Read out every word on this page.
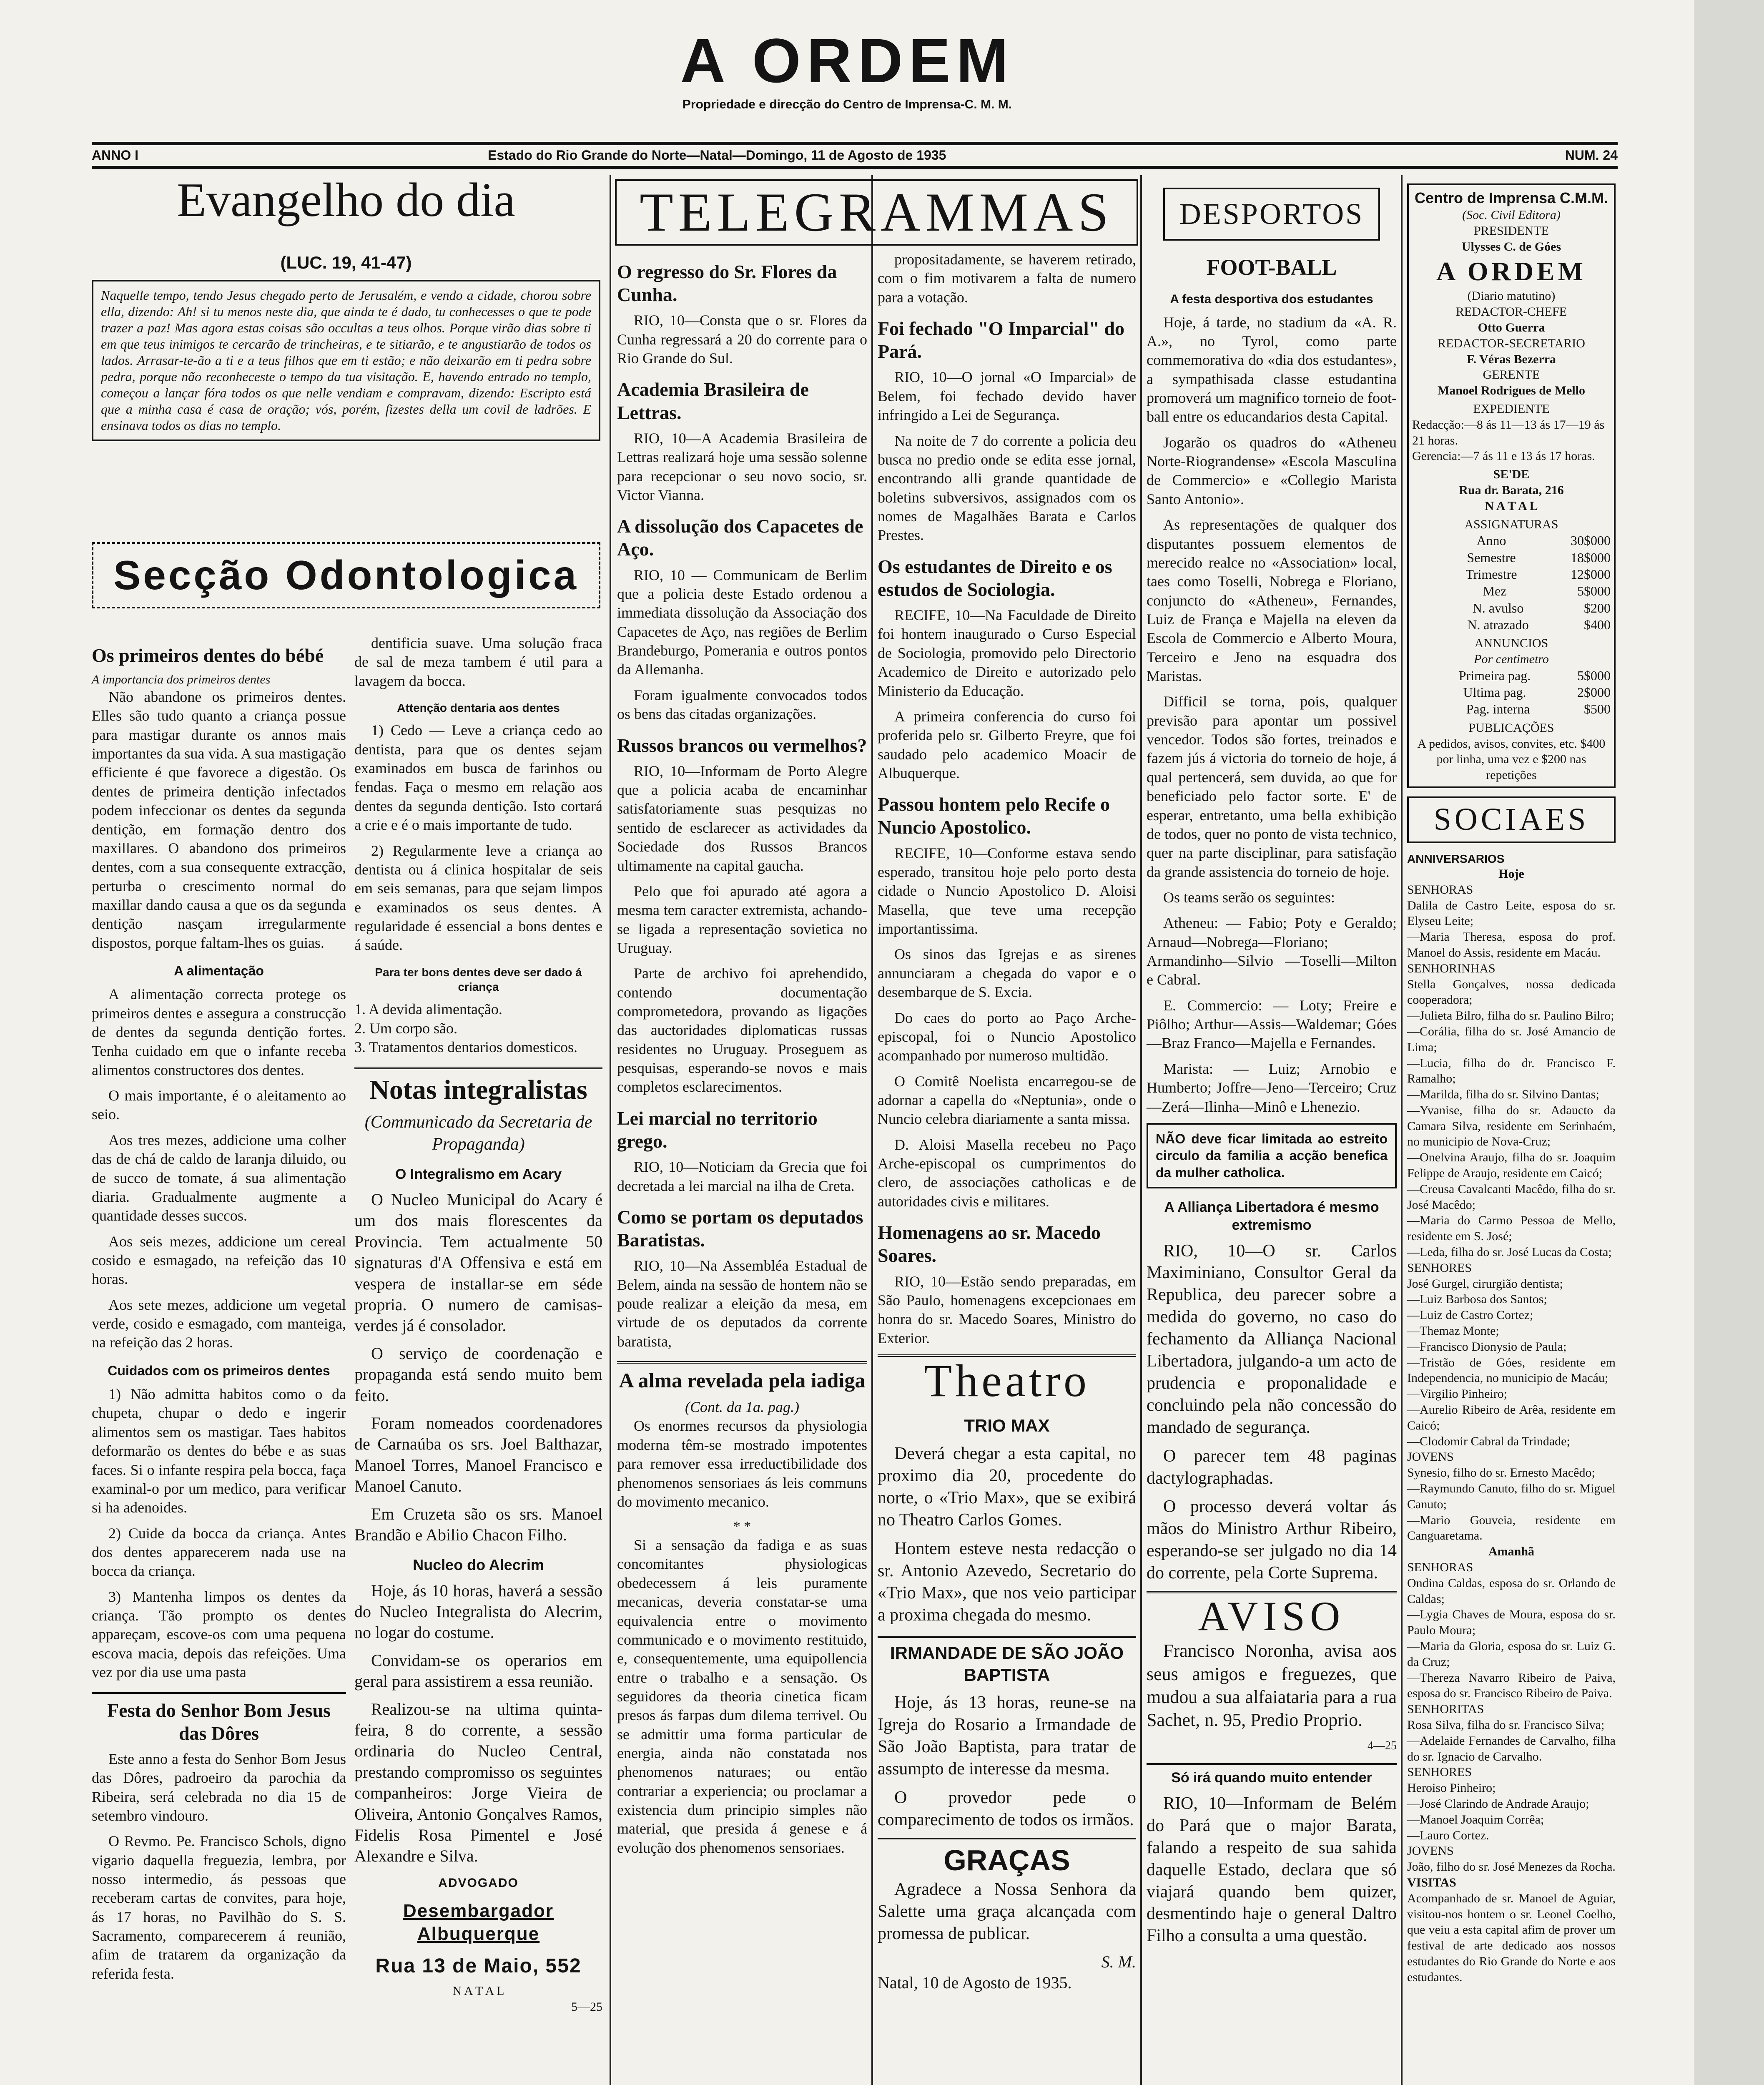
A ORDEM
Propriedade e direcção do Centro de Imprensa-C. M. M.
ANNO I	Estado do Rio Grande do Norte—Natal—Domingo, 11 de Agosto de 1935	NUM. 24
Evangelho do dia
(LUC. 19, 41-47)
Naquelle tempo, tendo Jesus chegado perto de Jerusalém, e vendo a cidade, chorou sobre ella, dizendo: Ah! si tu menos neste dia, que ainda te é dado, tu conhecesses o que te pode trazer a paz! Mas agora estas coisas são occultas a teus olhos. Porque virão dias sobre ti em que teus inimigos te cercarão de trincheiras, e te sitiarão, e te angustiarão de todos os lados. Arrasar-te-ão a ti e a teus filhos que em ti estão; e não deixarão em ti pedra sobre pedra, porque não reconheceste o tempo da tua visitação. E, havendo entrado no templo, começou a lançar fóra todos os que nelle vendiam e compravam, dizendo: Escripto está que a minha casa é casa de oração; vós, porém, fizestes della um covil de ladrões. E ensinava todos os dias no templo.
Secção Odontologica
Os primeiros dentes do bébé
A importancia dos primeiros dentes

Não abandone os primeiros dentes. Elles são tudo quanto a criança possue para mastigar durante os annos mais importantes da sua vida. A sua mastigação efficiente é que favorece a digestão. Os dentes de primeira dentição infectados podem infeccionar os dentes da segunda dentição, em formação dentro dos maxillares. O abandono dos primeiros dentes, com a sua consequente extracção, perturba o crescimento normal do maxillar dando causa a que os da segunda dentição nasçam irregularmente dispostos, porque faltam-lhes os guias.

A alimentação

A alimentação correcta protege os primeiros dentes e assegura a construcção de dentes da segunda dentição fortes. Tenha cuidado em que o infante receba alimentos constructores dos dentes.

O mais importante, é o aleitamento ao seio.

Aos tres mezes, addicione uma colher das de chá de caldo de laranja diluido, ou de succo de tomate, á sua alimentação diaria. Gradualmente augmente a quantidade desses succos.

Aos seis mezes, addicione um cereal cosido e esmagado, na refeição das 10 horas.

Aos sete mezes, addicione um vegetal verde, cosido e esmagado, com manteiga, na refeição das 2 horas.

Cuidados com os primeiros dentes

1) Não admitta habitos como o da chupeta, chupar o dedo e ingerir alimentos sem os mastigar. Taes habitos deformarão os dentes do bébe e as suas faces. Si o infante respira pela bocca, faça examinal-o por um medico, para verificar si ha adenoides.

2) Cuide da bocca da criança. Antes dos dentes apparecerem nada use na bocca da criança.

3) Mantenha limpos os dentes da criança. Tão prompto os dentes appareçam, escove-os com uma pequena escova macia, depois das refeições. Uma vez por dia use uma pasta

Festa do Senhor Bom Jesus das Dôres

Este anno a festa do Senhor Bom Jesus das Dôres, padroeiro da parochia da Ribeira, será celebrada no dia 15 de setembro vindouro.

O Revmo. Pe. Francisco Schols, digno vigario daquella freguezia, lembra, por nosso intermedio, ás pessoas que receberam cartas de convites, para hoje, ás 17 horas, no Pavilhão do S. S. Sacramento, comparecerem á reunião, afim de tratarem da organização da referida festa.

dentificia suave. Uma solução fraca de sal de meza tambem é util para a lavagem da bocca.

Attenção dentaria aos dentes

1) Cedo — Leve a criança cedo ao dentista, para que os dentes sejam examinados em busca de farinhos ou fendas. Faça o mesmo em relação aos dentes da segunda dentição. Isto cortará a crie e é o mais importante de tudo.

2) Regularmente leve a criança ao dentista ou á clinica hospitalar de seis em seis semanas, para que sejam limpos e examinados os seus dentes. A regularidade é essencial a bons dentes e á saúde.

Para ter bons dentes deve ser dado á criança
1. A devida alimentação.
2. Um corpo são.
3. Tratamentos dentarios domesticos.
Notas integralistas
(Communicado da Secretaria de Propaganda)
O Integralismo em Acary

O Nucleo Municipal do Acary é um dos mais florescentes da Provincia. Tem actualmente 50 signaturas d'A Offensiva e está em vespera de installar-se em séde propria. O numero de camisas-verdes já é consolador.

O serviço de coordenação e propaganda está sendo muito bem feito.

Foram nomeados coordenadores de Carnaúba os srs. Joel Balthazar, Manoel Torres, Manoel Francisco e Manoel Canuto.

Em Cruzeta são os srs. Manoel Brandão e Abilio Chacon Filho.

Nucleo do Alecrim

Hoje, ás 10 horas, haverá a sessão do Nucleo Integralista do Alecrim, no logar do costume.

Convidam-se os operarios em geral para assistirem a essa reunião.

Realizou-se na ultima quinta-feira, 8 do corrente, a sessão ordinaria do Nucleo Central, prestando compromisso os seguintes companheiros: Jorge Vieira de Oliveira, Antonio Gonçalves Ramos, Fidelis Rosa Pimentel e José Alexandre e Silva.

ADVOGADO
Desembargador Albuquerque
Rua 13 de Maio, 552
N A T A L
5—25
TELEGRAMMAS
O regresso do Sr. Flores da Cunha.

RIO, 10—Consta que o sr. Flores da Cunha regressará a 20 do corrente para o Rio Grande do Sul.

Academia Brasileira de Lettras.

RIO, 10—A Academia Brasileira de Lettras realizará hoje uma sessão solenne para recepcionar o seu novo socio, sr. Victor Vianna.

A dissolução dos Capacetes de Aço.

RIO, 10 — Communicam de Berlim que a policia deste Estado ordenou a immediata dissolução da Associação dos Capacetes de Aço, nas regiões de Berlim Brandeburgo, Pomerania e outros pontos da Allemanha.

Foram igualmente convocados todos os bens das citadas organizações.

Russos brancos ou vermelhos?

RIO, 10—Informam de Porto Alegre que a policia acaba de encaminhar satisfatoriamente suas pesquizas no sentido de esclarecer as actividades da Sociedade dos Russos Brancos ultimamente na capital gaucha.

Pelo que foi apurado até agora a mesma tem caracter extremista, achando-se ligada a representação sovietica no Uruguay.

Parte de archivo foi aprehendido, contendo documentação comprometedora, provando as ligações das auctoridades diplomaticas russas residentes no Uruguay. Proseguem as pesquisas, esperando-se novos e mais completos esclarecimentos.

Lei marcial no territorio grego.

RIO, 10—Noticiam da Grecia que foi decretada a lei marcial na ilha de Creta.

Como se portam os deputados Baratistas.

RIO, 10—Na Assembléa Estadual de Belem, ainda na sessão de hontem não se poude realizar a eleição da mesa, em virtude de os deputados da corrente baratista,

A alma revelada pela iadiga
(Cont. da 1a. pag.)

Os enormes recursos da physiologia moderna têm-se mostrado impotentes para remover essa irreductibilidade dos phenomenos sensoriaes ás leis communs do movimento mecanico.

* *

Si a sensação da fadiga e as suas concomitantes physiologicas obedecessem á leis puramente mecanicas, deveria constatar-se uma equivalencia entre o movimento communicado e o movimento restituido, e, consequentemente, uma equipollencia entre o trabalho e a sensação. Os seguidores da theoria cinetica ficam presos ás farpas dum dilema terrivel. Ou se admittir uma forma particular de energia, ainda não constatada nos phenomenos naturaes; ou então contrariar a experiencia; ou proclamar a existencia dum principio simples não material, que presida á genese e á evolução dos phenomenos sensoriaes.

propositadamente, se haverem retirado, com o fim motivarem a falta de numero para a votação.

Foi fechado "O Imparcial" do Pará.

RIO, 10—O jornal «O Imparcial» de Belem, foi fechado devido haver infringido a Lei de Segurança.

Na noite de 7 do corrente a policia deu busca no predio onde se edita esse jornal, encontrando alli grande quantidade de boletins subversivos, assignados com os nomes de Magalhães Barata e Carlos Prestes.

Os estudantes de Direito e os estudos de Sociologia.

RECIFE, 10—Na Faculdade de Direito foi hontem inaugurado o Curso Especial de Sociologia, promovido pelo Directorio Academico de Direito e autorizado pelo Ministerio da Educação.

A primeira conferencia do curso foi proferida pelo sr. Gilberto Freyre, que foi saudado pelo academico Moacir de Albuquerque.

Passou hontem pelo Recife o Nuncio Apostolico.

RECIFE, 10—Conforme estava sendo esperado, transitou hoje pelo porto desta cidade o Nuncio Apostolico D. Aloisi Masella, que teve uma recepção importantissima.

Os sinos das Igrejas e as sirenes annunciaram a chegada do vapor e o desembarque de S. Excia.

Do caes do porto ao Paço Arche-episcopal, foi o Nuncio Apostolico acompanhado por numeroso multidão.

O Comitê Noelista encarregou-se de adornar a capella do «Neptunia», onde o Nuncio celebra diariamente a santa missa.

D. Aloisi Masella recebeu no Paço Arche-episcopal os cumprimentos do clero, de associações catholicas e de autoridades civis e militares.

Homenagens ao sr. Macedo Soares.

RIO, 10—Estão sendo preparadas, em São Paulo, homenagens excepcionaes em honra do sr. Macedo Soares, Ministro do Exterior.

Theatro
TRIO MAX

Deverá chegar a esta capital, no proximo dia 20, procedente do norte, o «Trio Max», que se exibirá no Theatro Carlos Gomes.

Hontem esteve nesta redacção o sr. Antonio Azevedo, Secretario do «Trio Max», que nos veio participar a proxima chegada do mesmo.

IRMANDADE DE SÃO JOÃO BAPTISTA

Hoje, ás 13 horas, reune-se na Igreja do Rosario a Irmandade de São João Baptista, para tratar de assumpto de interesse da mesma.

O provedor pede o comparecimento de todos os irmãos.

GRAÇAS

Agradece a Nossa Senhora da Salette uma graça alcançada com promessa de publicar.

S. M.
Natal, 10 de Agosto de 1935.
DESPORTOS
FOOT-BALL
A festa desportiva dos estudantes

Hoje, á tarde, no stadium da «A. R. A.», no Tyrol, como parte commemorativa do «dia dos estudantes», a sympathisada classe estudantina promoverá um magnifico torneio de foot-ball entre os educandarios desta Capital.

Jogarão os quadros do «Atheneu Norte-Riograndense» «Escola Masculina de Commercio» e «Collegio Marista Santo Antonio».

As representações de qualquer dos disputantes possuem elementos de merecido realce no «Association» local, taes como Toselli, Nobrega e Floriano, conjuncto do «Atheneu», Fernandes, Luiz de França e Majella na eleven da Escola de Commercio e Alberto Moura, Terceiro e Jeno na esquadra dos Maristas.

Difficil se torna, pois, qualquer previsão para apontar um possivel vencedor. Todos são fortes, treinados e fazem jús á victoria do torneio de hoje, á qual pertencerá, sem duvida, ao que for beneficiado pelo factor sorte. E' de esperar, entretanto, uma bella exhibição de todos, quer no ponto de vista technico, quer na parte disciplinar, para satisfação da grande assistencia do torneio de hoje.

Os teams serão os seguintes:

Atheneu: — Fabio; Poty e Geraldo; Arnaud—Nobrega—Floriano; Armandinho—Silvio —Toselli—Milton e Cabral.

E. Commercio: — Loty; Freire e Piôlho; Arthur—Assis—Waldemar; Góes—Braz Franco—Majella e Fernandes.

Marista: — Luiz; Arnobio e Humberto; Joffre—Jeno—Terceiro; Cruz—Zerá—Ilinha—Minô e Lhenezio.

NÃO deve ficar limitada ao estreito circulo da familia a acção benefica da mulher catholica.
A Alliança Libertadora é mesmo extremismo

RIO, 10—O sr. Carlos Maximiniano, Consultor Geral da Republica, deu parecer sobre a medida do governo, no caso do fechamento da Alliança Nacional Libertadora, julgando-a um acto de prudencia e proponalidade e concluindo pela não concessão do mandado de segurança.

O parecer tem 48 paginas dactylographadas.

O processo deverá voltar ás mãos do Ministro Arthur Ribeiro, esperando-se ser julgado no dia 14 do corrente, pela Corte Suprema.

AVISO

Francisco Noronha, avisa aos seus amigos e freguezes, que mudou a sua alfaiataria para a rua Sachet, n. 95, Predio Proprio.

4—25
Só irá quando muito entender

RIO, 10—Informam de Belém do Pará que o major Barata, falando a respeito de sua sahida daquelle Estado, declara que só viajará quando bem quizer, desmentindo haje o general Daltro Filho a consulta a uma questão.

Centro de Imprensa C.M.M.
(Soc. Civil Editora)
PRESIDENTE
Ulysses C. de Góes
A ORDEM
(Diario matutino)
REDACTOR-CHEFE
Otto Guerra
REDACTOR-SECRETARIO
F. Véras Bezerra
GERENTE
Manoel Rodrigues de Mello
EXPEDIENTE
Redacção:—8 ás 11—13 ás 17—19 ás 21 horas.
Gerencia:—7 ás 11 e 13 ás 17 horas.
SE'DE
Rua dr. Barata, 216
N A T A L
ASSIGNATURAS
Anno	30$000
Semestre	18$000
Trimestre	12$000
Mez	5$000
N. avulso	$200
N. atrazado	$400
ANNUNCIOS
Por centimetro
Primeira pag.	5$000
Ultima pag.	2$000
Pag. interna	$500
PUBLICAÇÕES
A pedidos, avisos, convites, etc. $400 por linha, uma vez e $200 nas repetições
SOCIAES
ANNIVERSARIOS
Hoje
SENHORAS
Dalila de Castro Leite, esposa do sr. Elyseu Leite;
—Maria Theresa, esposa do prof. Manoel do Assis, residente em Macáu.
SENHORINHAS
Stella Gonçalves, nossa dedicada cooperadora;
—Julieta Bilro, filha do sr. Paulino Bilro;
—Corália, filha do sr. José Amancio de Lima;
—Lucia, filha do dr. Francisco F. Ramalho;
—Marilda, filha do sr. Silvino Dantas;
—Yvanise, filha do sr. Adaucto da Camara Silva, residente em Serinhaém, no municipio de Nova-Cruz;
—Onelvina Araujo, filha do sr. Joaquim Felippe de Araujo, residente em Caicó;
—Creusa Cavalcanti Macêdo, filha do sr. José Macêdo;
—Maria do Carmo Pessoa de Mello, residente em S. José;
—Leda, filha do sr. José Lucas da Costa;
SENHORES
José Gurgel, cirurgião dentista;
—Luiz Barbosa dos Santos;
—Luiz de Castro Cortez;
—Themaz Monte;
—Francisco Dionysio de Paula;
—Tristão de Góes, residente em Independencia, no municipio de Macáu;
—Virgilio Pinheiro;
—Aurelio Ribeiro de Arêa, residente em Caicó;
—Clodomir Cabral da Trindade;
JOVENS
Synesio, filho do sr. Ernesto Macêdo;
—Raymundo Canuto, filho do sr. Miguel Canuto;
—Mario Gouveia, residente em Canguaretama.
Amanhã
SENHORAS
Ondina Caldas, esposa do sr. Orlando de Caldas;
—Lygia Chaves de Moura, esposa do sr. Paulo Moura;
—Maria da Gloria, esposa do sr. Luiz G. da Cruz;
—Thereza Navarro Ribeiro de Paiva, esposa do sr. Francisco Ribeiro de Paiva.
SENHORITAS
Rosa Silva, filha do sr. Francisco Silva;
—Adelaide Fernandes de Carvalho, filha do sr. Ignacio de Carvalho.
SENHORES
Heroiso Pinheiro;
—José Clarindo de Andrade Araujo;
—Manoel Joaquim Corrêa;
—Lauro Cortez.
JOVENS
João, filho do sr. José Menezes da Rocha.
VISITAS
Acompanhado de sr. Manoel de Aguiar, visitou-nos hontem o sr. Leonel Coelho, que veiu a esta capital afim de prover um festival de arte dedicado aos nossos estudantes do Rio Grande do Norte e aos estudantes.
